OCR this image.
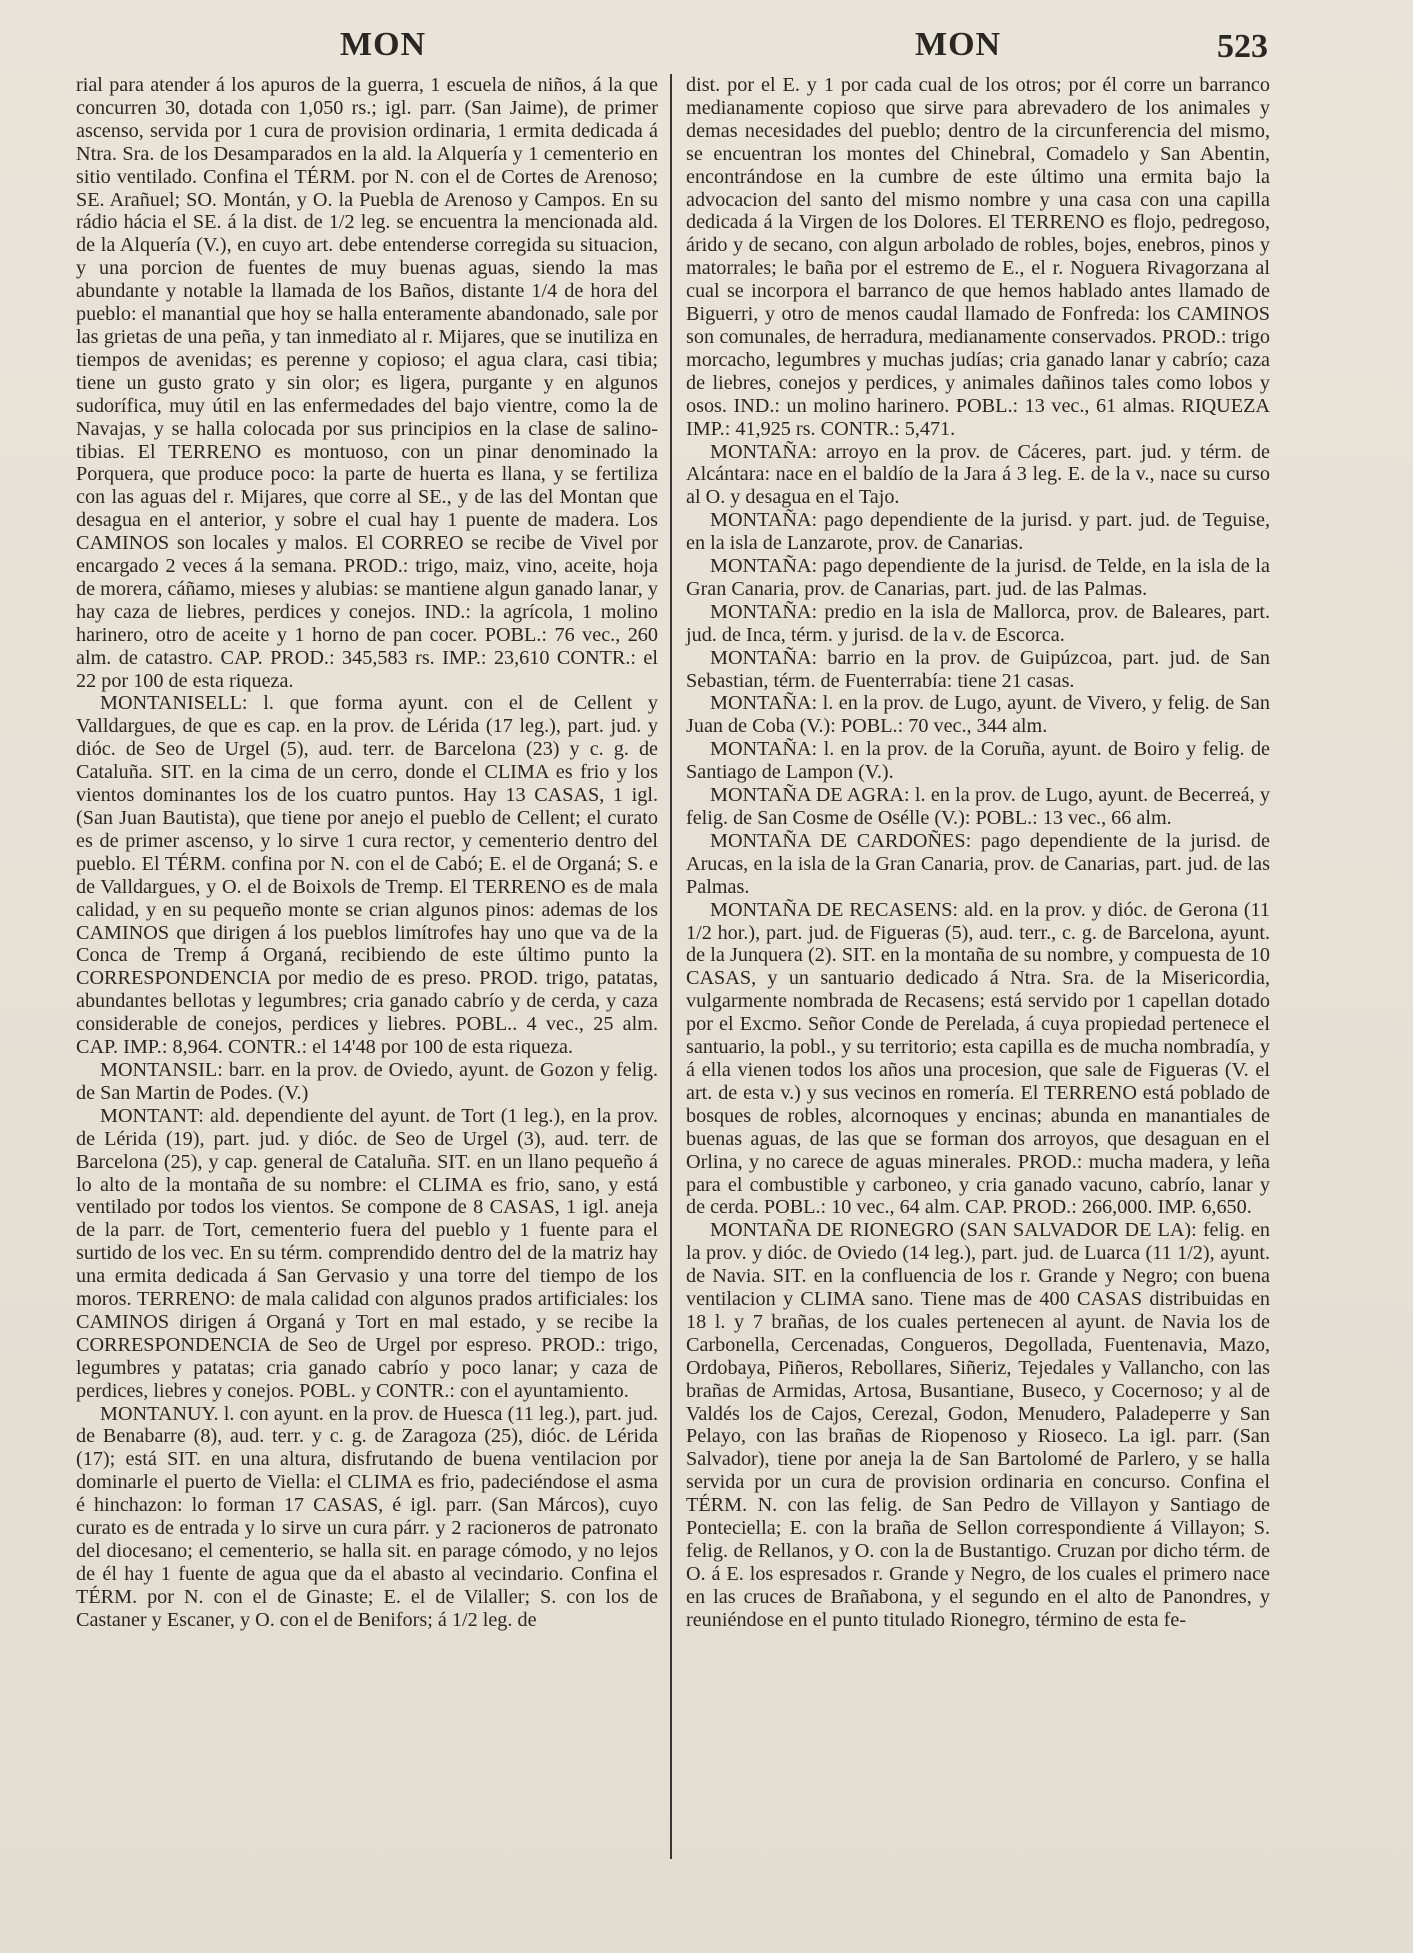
MON	MON	523

rial para atender á los apuros de la guerra, 1 escuela de niños, á la que concurren 30, dotada con 1,050 rs.; igl. parr. (San Jaime), de primer ascenso, servida por 1 cura de provision ordinaria, 1 ermita dedicada á Ntra. Sra. de los Desamparados en la ald. la Alquería y 1 cementerio en sitio ventilado. Confina el TÉRM. por N. con el de Cortes de Arenoso; SE. Arañuel; SO. Montán, y O. la Puebla de Arenoso y Campos. En su rádio hácia el SE. á la dist. de 1/2 leg. se encuentra la mencionada ald. de la Alquería (V.), en cuyo art. debe entenderse corregida su situacion, y una porcion de fuentes de muy buenas aguas, siendo la mas abundante y notable la llamada de los Baños, distante 1/4 de hora del pueblo: el manantial que hoy se halla enteramente abandonado, sale por las grietas de una peña, y tan inmediato al r. Mijares, que se inutiliza en tiempos de avenidas; es perenne y copioso; el agua clara, casi tibia; tiene un gusto grato y sin olor; es ligera, purgante y en algunos sudorífica, muy útil en las enfermedades del bajo vientre, como la de Navajas, y se halla colocada por sus principios en la clase de salino-tibias. El TERRENO es montuoso, con un pinar denominado la Porquera, que produce poco: la parte de huerta es llana, y se fertiliza con las aguas del r. Mijares, que corre al SE., y de las del Montan que desagua en el anterior, y sobre el cual hay 1 puente de madera. Los CAMINOS son locales y malos. El CORREO se recibe de Vivel por encargado 2 veces á la semana. PROD.: trigo, maiz, vino, aceite, hoja de morera, cáñamo, mieses y alubias: se mantiene algun ganado lanar, y hay caza de liebres, perdices y conejos. IND.: la agrícola, 1 molino harinero, otro de aceite y 1 horno de pan cocer. POBL.: 76 vec., 260 alm. de catastro. CAP. PROD.: 345,583 rs. IMP.: 23,610 CONTR.: el 22 por 100 de esta riqueza.

MONTANISELL: l. que forma ayunt. con el de Cellent y Valldargues, de que es cap. en la prov. de Lérida (17 leg.), part. jud. y dióc. de Seo de Urgel (5), aud. terr. de Barcelona (23) y c. g. de Cataluña. SIT. en la cima de un cerro, donde el CLIMA es frio y los vientos dominantes los de los cuatro puntos. Hay 13 CASAS, 1 igl. (San Juan Bautista), que tiene por anejo el pueblo de Cellent; el curato es de primer ascenso, y lo sirve 1 cura rector, y cementerio dentro del pueblo. El TÉRM. confina por N. con el de Cabó; E. el de Organá; S. e de Valldargues, y O. el de Boixols de Tremp. El TERRENO es de mala calidad, y en su pequeño monte se crian algunos pinos: ademas de los CAMINOS que dirigen á los pueblos limítrofes hay uno que va de la Conca de Tremp á Organá, recibiendo de este último punto la CORRESPONDENCIA por medio de es preso. PROD. trigo, patatas, abundantes bellotas y legumbres; cria ganado cabrío y de cerda, y caza considerable de conejos, perdices y liebres. POBL.. 4 vec., 25 alm. CAP. IMP.: 8,964. CONTR.: el 14'48 por 100 de esta riqueza.

MONTANSIL: barr. en la prov. de Oviedo, ayunt. de Gozon y felig. de San Martin de Podes. (V.)

MONTANT: ald. dependiente del ayunt. de Tort (1 leg.), en la prov. de Lérida (19), part. jud. y dióc. de Seo de Urgel (3), aud. terr. de Barcelona (25), y cap. general de Cataluña. SIT. en un llano pequeño á lo alto de la montaña de su nombre: el CLIMA es frio, sano, y está ventilado por todos los vientos. Se compone de 8 CASAS, 1 igl. aneja de la parr. de Tort, cementerio fuera del pueblo y 1 fuente para el surtido de los vec. En su térm. comprendido dentro del de la matriz hay una ermita dedicada á San Gervasio y una torre del tiempo de los moros. TERRENO: de mala calidad con algunos prados artificiales: los CAMINOS dirigen á Organá y Tort en mal estado, y se recibe la CORRESPONDENCIA de Seo de Urgel por espreso. PROD.: trigo, legumbres y patatas; cria ganado cabrío y poco lanar; y caza de perdices, liebres y conejos. POBL. y CONTR.: con el ayuntamiento.

MONTANUY. l. con ayunt. en la prov. de Huesca (11 leg.), part. jud. de Benabarre (8), aud. terr. y c. g. de Zaragoza (25), dióc. de Lérida (17); está SIT. en una altura, disfrutando de buena ventilacion por dominarle el puerto de Viella: el CLIMA es frio, padeciéndose el asma é hinchazon: lo forman 17 CASAS, é igl. parr. (San Márcos), cuyo curato es de entrada y lo sirve un cura párr. y 2 racioneros de patronato del diocesano; el cementerio, se halla sit. en parage cómodo, y no lejos de él hay 1 fuente de agua que da el abasto al vecindario. Confina el TÉRM. por N. con el de Ginaste; E. el de Vilaller; S. con los de Castaner y Escaner, y O. con el de Benifors; á 1/2 leg. de

dist. por el E. y 1 por cada cual de los otros; por él corre un barranco medianamente copioso que sirve para abrevadero de los animales y demas necesidades del pueblo; dentro de la circunferencia del mismo, se encuentran los montes del Chinebral, Comadelo y San Abentin, encontrándose en la cumbre de este último una ermita bajo la advocacion del santo del mismo nombre y una casa con una capilla dedicada á la Virgen de los Dolores. El TERRENO es flojo, pedregoso, árido y de secano, con algun arbolado de robles, bojes, enebros, pinos y matorrales; le baña por el estremo de E., el r. Noguera Rivagorzana al cual se incorpora el barranco de que hemos hablado antes llamado de Biguerri, y otro de menos caudal llamado de Fonfreda: los CAMINOS son comunales, de herradura, medianamente conservados. PROD.: trigo morcacho, legumbres y muchas judías; cria ganado lanar y cabrío; caza de liebres, conejos y perdices, y animales dañinos tales como lobos y osos. IND.: un molino harinero. POBL.: 13 vec., 61 almas. RIQUEZA IMP.: 41,925 rs. CONTR.: 5,471.

MONTAÑA: arroyo en la prov. de Cáceres, part. jud. y térm. de Alcántara: nace en el baldío de la Jara á 3 leg. E. de la v., nace su curso al O. y desagua en el Tajo.

MONTAÑA: pago dependiente de la jurisd. y part. jud. de Teguise, en la isla de Lanzarote, prov. de Canarias.

MONTAÑA: pago dependiente de la jurisd. de Telde, en la isla de la Gran Canaria, prov. de Canarias, part. jud. de las Palmas.

MONTAÑA: predio en la isla de Mallorca, prov. de Baleares, part. jud. de Inca, térm. y jurisd. de la v. de Escorca.

MONTAÑA: barrio en la prov. de Guipúzcoa, part. jud. de San Sebastian, térm. de Fuenterrabía: tiene 21 casas.

MONTAÑA: l. en la prov. de Lugo, ayunt. de Vivero, y felig. de San Juan de Coba (V.): POBL.: 70 vec., 344 alm.

MONTAÑA: l. en la prov. de la Coruña, ayunt. de Boiro y felig. de Santiago de Lampon (V.).

MONTAÑA DE AGRA: l. en la prov. de Lugo, ayunt. de Becerreá, y felig. de San Cosme de Osélle (V.): POBL.: 13 vec., 66 alm.

MONTAÑA DE CARDOÑES: pago dependiente de la jurisd. de Arucas, en la isla de la Gran Canaria, prov. de Canarias, part. jud. de las Palmas.

MONTAÑA DE RECASENS: ald. en la prov. y dióc. de Gerona (11 1/2 hor.), part. jud. de Figueras (5), aud. terr., c. g. de Barcelona, ayunt. de la Junquera (2). SIT. en la montaña de su nombre, y compuesta de 10 CASAS, y un santuario dedicado á Ntra. Sra. de la Misericordia, vulgarmente nombrada de Recasens; está servido por 1 capellan dotado por el Excmo. Señor Conde de Perelada, á cuya propiedad pertenece el santuario, la pobl., y su territorio; esta capilla es de mucha nombradía, y á ella vienen todos los años una procesion, que sale de Figueras (V. el art. de esta v.) y sus vecinos en romería. El TERRENO está poblado de bosques de robles, alcornoques y encinas; abunda en manantiales de buenas aguas, de las que se forman dos arroyos, que desaguan en el Orlina, y no carece de aguas minerales. PROD.: mucha madera, y leña para el combustible y carboneo, y cria ganado vacuno, cabrío, lanar y de cerda. POBL.: 10 vec., 64 alm. CAP. PROD.: 266,000. IMP. 6,650.

MONTAÑA DE RIONEGRO (SAN SALVADOR DE LA): felig. en la prov. y dióc. de Oviedo (14 leg.), part. jud. de Luarca (11 1/2), ayunt. de Navia. SIT. en la confluencia de los r. Grande y Negro; con buena ventilacion y CLIMA sano. Tiene mas de 400 CASAS distribuidas en 18 l. y 7 brañas, de los cuales pertenecen al ayunt. de Navia los de Carbonella, Cercenadas, Congueros, Degollada, Fuentenavia, Mazo, Ordobaya, Piñeros, Rebollares, Siñeriz, Tejedales y Vallancho, con las brañas de Armidas, Artosa, Busantiane, Buseco, y Cocernoso; y al de Valdés los de Cajos, Cerezal, Godon, Menudero, Paladeperre y San Pelayo, con las brañas de Riopenoso y Rioseco. La igl. parr. (San Salvador), tiene por aneja la de San Bartolomé de Parlero, y se halla servida por un cura de provision ordinaria en concurso. Confina el TÉRM. N. con las felig. de San Pedro de Villayon y Santiago de Ponteciella; E. con la braña de Sellon correspondiente á Villayon; S. felig. de Rellanos, y O. con la de Bustantigo. Cruzan por dicho térm. de O. á E. los espresados r. Grande y Negro, de los cuales el primero nace en las cruces de Brañabona, y el segundo en el alto de Panondres, y reuniéndose en el punto titulado Rionegro, término de esta fe-
